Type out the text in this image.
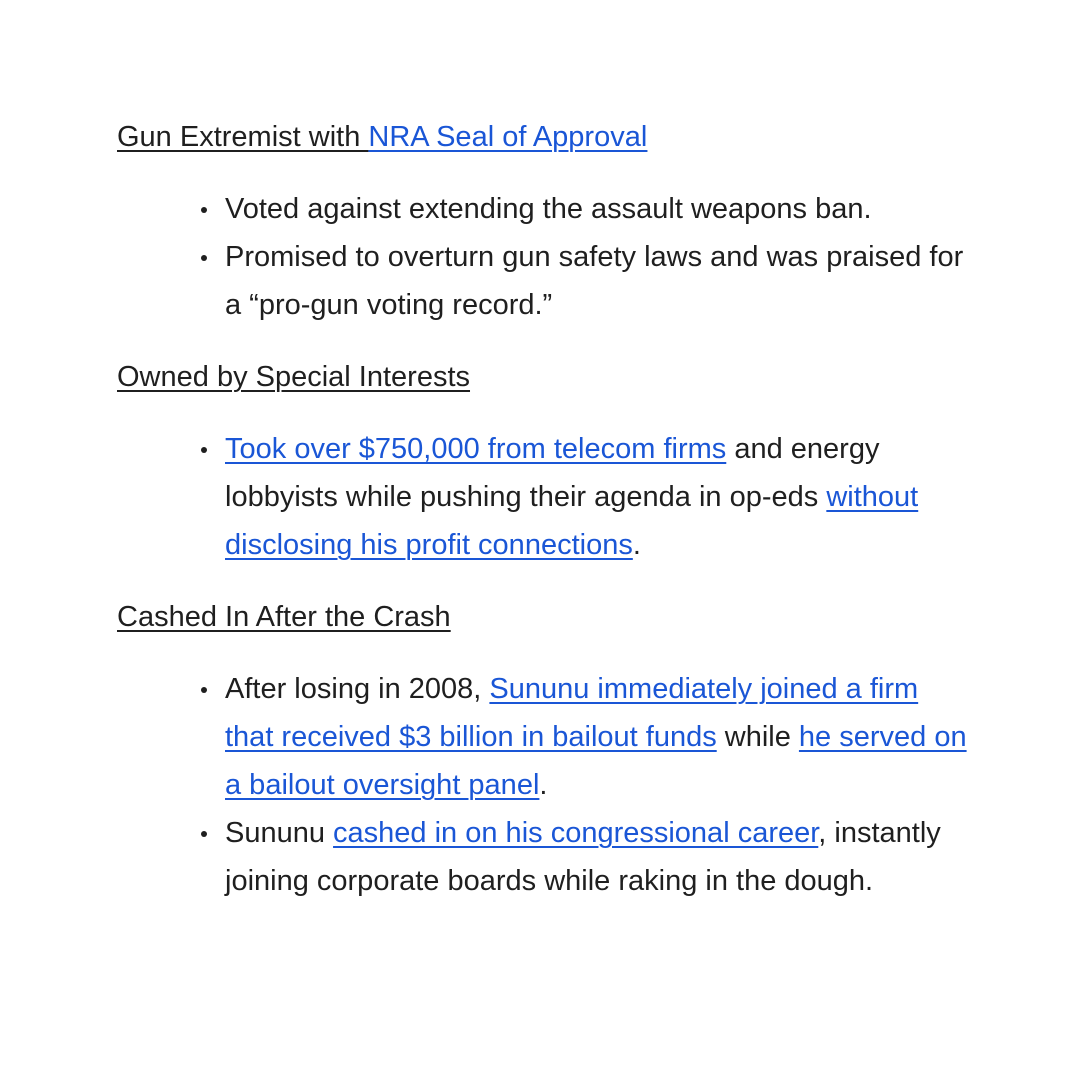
Gun Extremist with NRA Seal of Approval

Voted against extending the assault weapons ban.
Promised to overturn gun safety laws and was praised for a “pro-gun voting record.”

Owned by Special Interests

Took over $750,000 from telecom firms and energy lobbyists while pushing their agenda in op-eds without disclosing his profit connections.

Cashed In After the Crash

After losing in 2008, Sununu immediately joined a firm that received $3 billion in bailout funds while he served on a bailout oversight panel.
Sununu cashed in on his congressional career, instantly joining corporate boards while raking in the dough.
